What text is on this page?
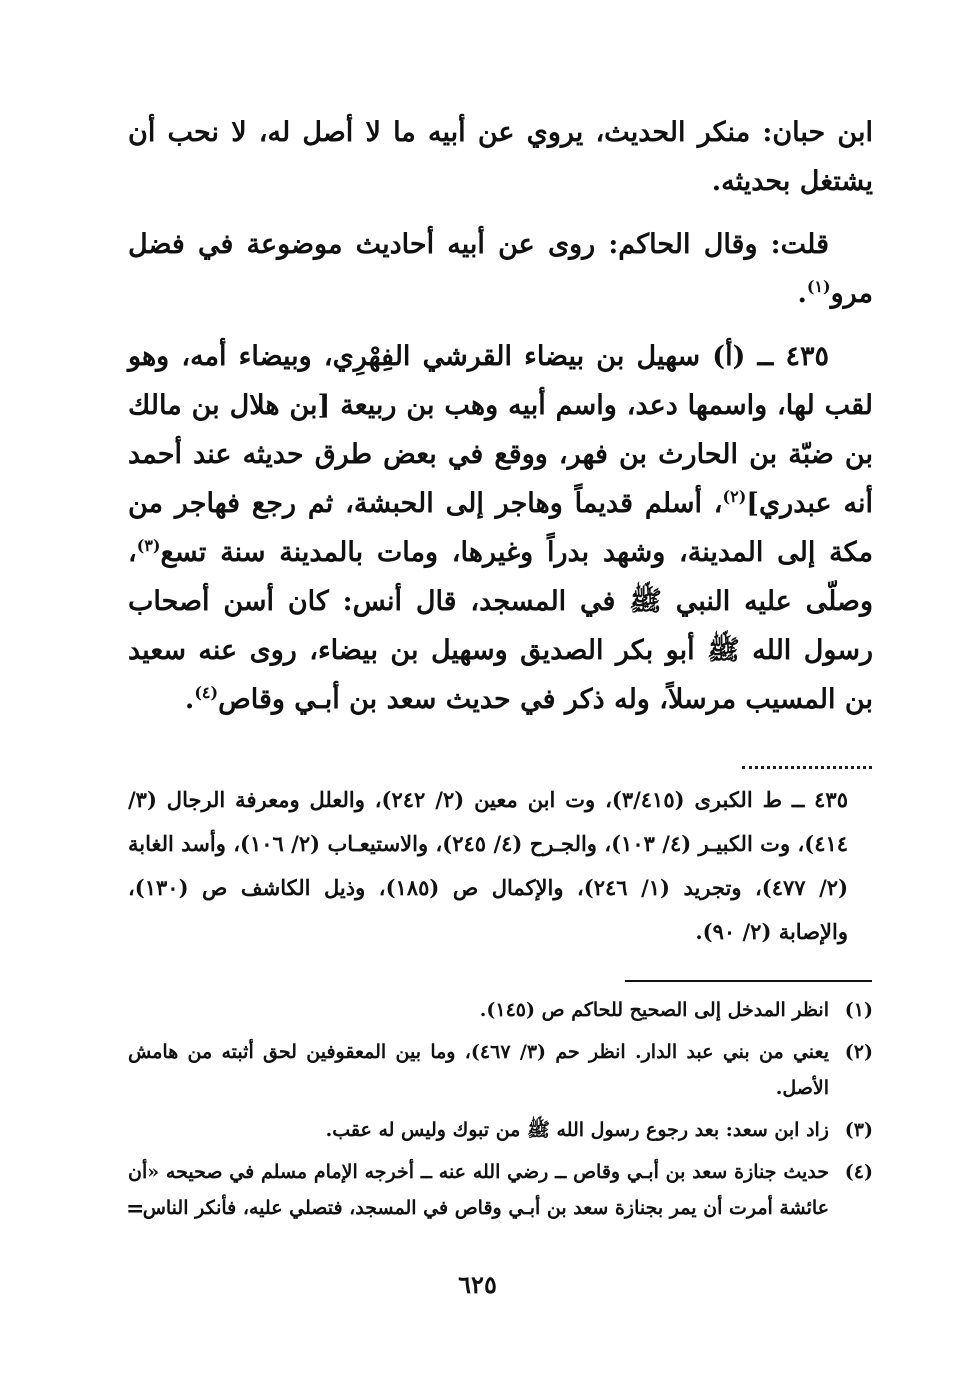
ابن حبان: منكر الحديث، يروي عن أبيه ما لا أصل له، لا نحب أن يشتغل بحديثه.

قلت: وقال الحاكم: روى عن أبيه أحاديث موضوعة في فضل مرو$^{(١)}$.

٤٣٥ ــ (أ) سهيل بن بيضاء القرشي الفِهْرِي، وبيضاء أمه، وهو لقب لها، واسمها دعد، واسم أبيه وهب بن ربيعة [بن هلال بن مالك بن ضبّة بن الحارث بن فهر، ووقع في بعض طرق حديثه عند أحمد أنه عبدري]$^{(٢)}$، أسلم قديماً وهاجر إلى الحبشة، ثم رجع فهاجر من مكة إلى المدينة، وشهد بدراً وغيرها، ومات بالمدينة سنة تسع$^{(٣)}$، وصلّى عليه النبي ﷺ في المسجد، قال أنس: كان أسن أصحاب رسول الله ﷺ أبو بكر الصديق وسهيل بن بيضاء، روى عنه سعيد بن المسيب مرسلاً، وله ذكر في حديث سعد بن أبـي وقاص$^{(٤)}$.

٤٣٥ ــ ط الكبرى (٣/٤١٥)، وت ابن معين (٢/ ٢٤٢)، والعلل ومعرفة الرجال (٣/ ٤١٤)، وت الكبيـر (٤/ ١٠٣)، والجـرح (٤/ ٢٤٥)، والاستيعـاب (٢/ ١٠٦)، وأسد الغابة (٢/ ٤٧٧)، وتجريد (١/ ٢٤٦)، والإكمال ص (١٨٥)، وذيل الكاشف ص (١٣٠)، والإصابة (٢/ ٩٠).

(١)
انظر المدخل إلى الصحيح للحاكم ص (١٤٥).
(٢)
يعني من بني عبد الدار. انظر حم (٣/ ٤٦٧)، وما بين المعقوفين لحق أثبته من هامش الأصل.
(٣)
زاد ابن سعد: بعد رجوع رسول الله ﷺ من تبوك وليس له عقب.
(٤)
حديث جنازة سعد بن أبـي وقاص ــ رضي الله عنه ــ أخرجه الإمام مسلم في صحيحه «أن عائشة أمرت أن يمر بجنازة سعد بن أبـي وقاص في المسجد، فتصلي عليه، فأنكر الناس
=
٦٢٥
